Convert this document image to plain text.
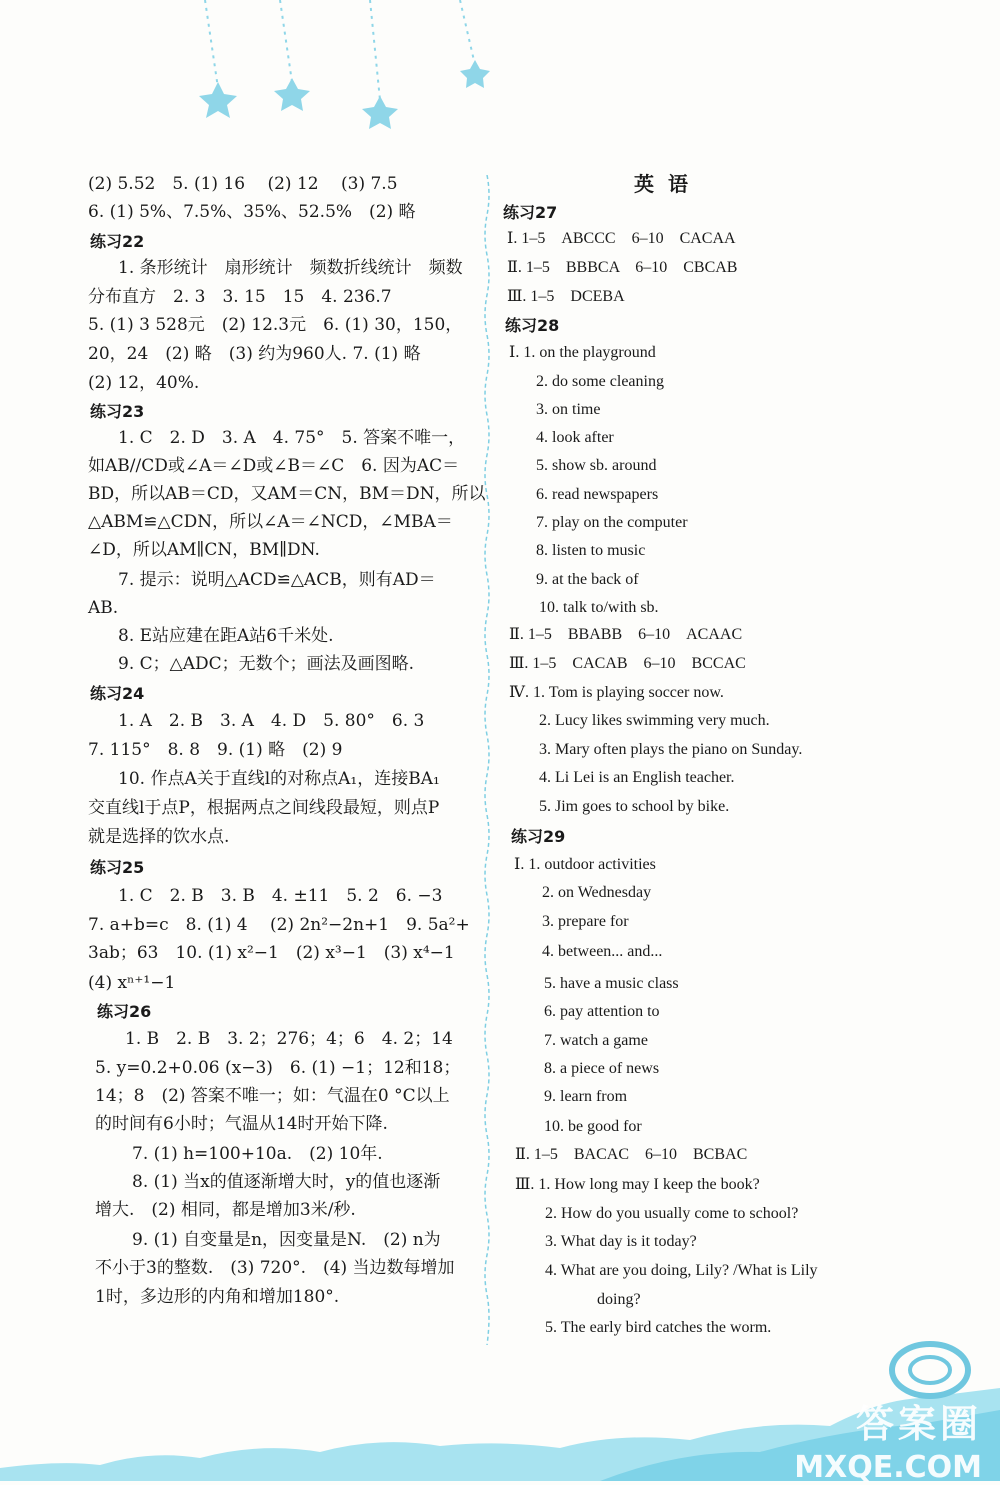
(2) 5.52　5. (1) 16　 (2) 12　 (3) 7.5
6. (1) 5%、7.5%、35%、52.5%　(2) 略
练习22
1. 条形统计　扇形统计　频数折线统计　频数
分布直方　2. 3　3. 15　15　4. 236.7
5. (1) 3 528元　(2) 12.3元　6. (1) 30，150，
20，24　(2) 略　(3) 约为960人. 7. (1) 略
(2) 12，40%.
练习23
1. C　2. D　3. A　4. 75°　5. 答案不唯一，
如AB//CD或∠A＝∠D或∠B＝∠C　6. 因为AC＝
BD，所以AB＝CD，又AM＝CN，BM＝DN，所以
△ABM≌△CDN，所以∠A＝∠NCD，∠MBA＝
∠D，所以AM∥CN，BM∥DN.
7. 提示：说明△ACD≌△ACB，则有AD＝
AB.
8. E站应建在距A站6千米处.
9. C；△ADC；无数个；画法及画图略.
练习24
1. A　2. B　3. A　4. D　5. 80°　6. 3
7. 115°　8. 8　9. (1) 略　(2) 9
10. 作点A关于直线l的对称点A₁，连接BA₁
交直线l于点P，根据两点之间线段最短，则点P
就是选择的饮水点.
练习25
1. C　2. B　3. B　4. ±11　5. 2　6. −3
7. a+b=c　8. (1) 4　 (2) 2n²−2n+1　9. 5a²+
3ab；63　10. (1) x²−1　(2) x³−1　(3) x⁴−1
(4) xⁿ⁺¹−1
练习26
1. B　2. B　3. 2；276；4；6　4. 2；14
5. y=0.2+0.06 (x−3)　6. (1) −1；12和18；
14；8　(2) 答案不唯一；如：气温在0 °C以上
的时间有6小时；气温从14时开始下降.
7. (1) h=100+10a.　(2) 10年.
8. (1) 当x的值逐渐增大时，y的值也逐渐
增大.　(2) 相同，都是增加3米/秒.
9. (1) 自变量是n，因变量是N.　(2) n为
不小于3的整数.　(3) 720°.　(4) 当边数每增加
1时，多边形的内角和增加180°.
英语
练习27
Ⅰ. 1–5　ABCCC　6–10　CACAA
Ⅱ. 1–5　BBBCA　6–10　CBCAB
Ⅲ. 1–5　DCEBA
练习28
Ⅰ. 1. on the playground
2. do some cleaning
3. on time
4. look after
5. show sb. around
6. read newspapers
7. play on the computer
8. listen to music
9. at the back of
10. talk to/with sb.
Ⅱ. 1–5　BBABB　6–10　ACAAC
Ⅲ. 1–5　CACAB　6–10　BCCAC
Ⅳ. 1. Tom is playing soccer now.
2. Lucy likes swimming very much.
3. Mary often plays the piano on Sunday.
4. Li Lei is an English teacher.
5. Jim goes to school by bike.
练习29
Ⅰ. 1. outdoor activities
2. on Wednesday
3. prepare for
4. between... and...
5. have a music class
6. pay attention to
7. watch a game
8. a piece of news
9. learn from
10. be good for
Ⅱ. 1–5　BACAC　6–10　BCBAC
Ⅲ. 1. How long may I keep the book?
2. How do you usually come to school?
3. What day is it today?
4. What are you doing, Lily? /What is Lily
doing?
5. The early bird catches the worm.
答案圈
MXQE.COM
